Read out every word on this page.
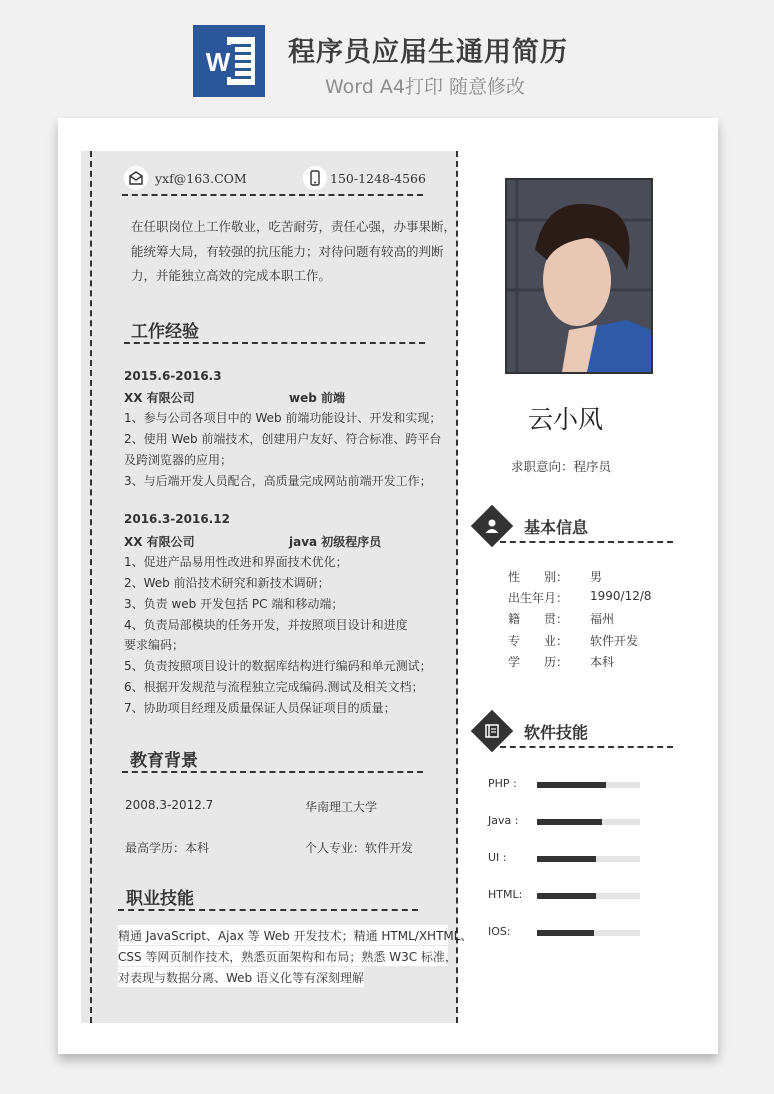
W 程序员应届生通用简历
Word A4打印 随意修改
yxf@163.COM	150-1248-4566
在任职岗位上工作敬业，吃苦耐劳，责任心强，办事果断，
能统筹大局，有较强的抗压能力；对待问题有较高的判断
力，并能独立高效的完成本职工作。
工作经验
2015.6-2016.3
XX 有限公司	web 前端
1、参与公司各项目中的 Web 前端功能设计、开发和实现；
2、使用 Web 前端技术，创建用户友好、符合标准、跨平台
及跨浏览器的应用；
3、与后端开发人员配合，高质量完成网站前端开发工作；
2016.3-2016.12
XX 有限公司	java 初级程序员
1、促进产品易用性改进和界面技术优化；
2、Web 前沿技术研究和新技术调研；
3、负责 web 开发包括 PC 端和移动端；
4、负责局部模块的任务开发，并按照项目设计和进度
要求编码；
5、负责按照项目设计的数据库结构进行编码和单元测试；
6、根据开发规范与流程独立完成编码.测试及相关文档；
7、协助项目经理及质量保证人员保证项目的质量；
教育背景
2008.3-2012.7	华南理工大学
最高学历：本科	个人专业：软件开发
职业技能
精通 JavaScript、Ajax 等 Web 开发技术；精通 HTML/XHTML、
CSS 等网页制作技术，熟悉页面架构和布局；熟悉 W3C 标准，
对表现与数据分离、Web 语义化等有深刻理解
云小风
求职意向：程序员
基本信息
性　　别： 男
出生年月： 1990/12/8
籍　　贯： 福州
专　　业： 软件开发
学　　历： 本科
软件技能
PHP :
Java :
UI :
HTML:
IOS:
